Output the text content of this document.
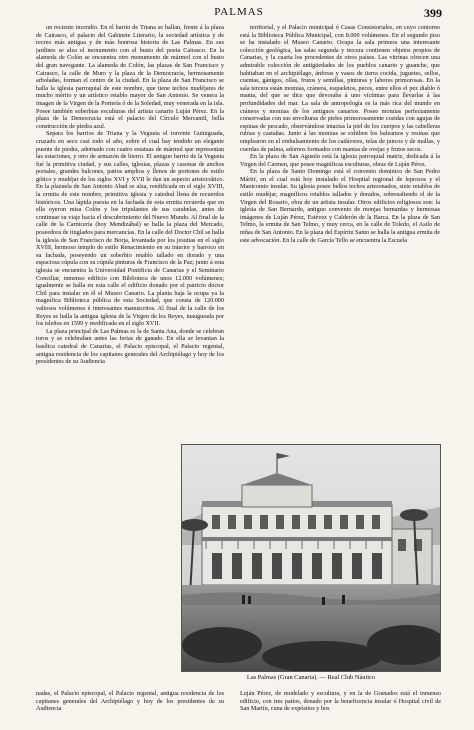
PALMAS	399

un reciente incendio. En el barrio de Triana se hallan, frente á la plaza de Cairasco, el palacio del Gabinete Literario, la sociedad artística y de recreo más antigua y de más honrosa historia de Las Palmas. En sus jardines se alza el monumento con el busto del poeta Cairasco. En la alameda de Colón se encuentra otro monumento de mármol con el busto del gran navegante. La alameda de Colón, las plazas de San Francisco y Cairasco, la calle de Muro y la plaza de la Democracia, hermosamente arboladas, forman el centro de la ciudad. En la plaza de San Francisco se halla la iglesia parroquial de este nombre, que tiene techos mudéjares de mucho mérito y un artístico retablo mayor de San Antonio. Se venera la imagen de la Virgen de la Portería ó de la Soledad, muy venerada en la isla. Posee también soberbias esculturas del artista canario Luján Pérez. En la plaza de la Democracia está el palacio del Círculo Mercantil, bella construcción de piedra azul.

Separa los barrios de Triana y la Vegueta el torrente Guiniguada, cruzado en seco casi todo el año, sobre el cual hay tendido un elegante puente de piedra, adornado con cuatro estatuas de mármol que representan las estaciones, y otro de armazón de hierro. El antiguo barrio de la Vegueta fué la primitiva ciudad, y sus calles, iglesias, plazas y casonas de anchos portales, grandes balcones, patios amplios y llenos de portones de estilo gótico y mudéjar de los siglos XVI y XVII le dan un aspecto aristocrático. En la plazuela de San Antonio Abad se alza, reedificada en el siglo XVIII, la ermita de este nombre, primitiva iglesia y catedral llena de recuerdos históricos. Una lápida puesta en la fachada de esta ermita recuerda que en ella oyeron misa Colón y los tripulantes de sus carabelas, antes de continuar su viaje hacia el descubrimiento del Nuevo Mundo. Al final de la calle de la Carnicería (hoy Mendizábal) se halla la plaza del Mercado, poseedora de tinglados para mercancías. En la calle del Doctor Chil se halla la iglesia de San Francisco de Borja, levantada por los jesuitas en el siglo XVIII, hermoso templo de estilo Renacimiento en su interior y barroco en su fachada, poseyendo un soberbio retablo tallado en dorado y una espaciosa cúpula con su cúpula pinturas de Francisco de la Paz; junto á esta iglesia se encuentra la Universidad Pontificia de Canarias y el Seminario Conciliar, inmenso edificio con Biblioteca de unos 12.000 volúmenes; igualmente se halla en esta calle el edificio donado por el patricio doctor Chil para instalar en él el Museo Canario. La planta baja la ocupa ya la magnífica Biblioteca pública de esta Sociedad, que consta de 120.000 valiosos volúmenes é interesantes manuscritos. Al final de la calle de los Reyes se halla la antigua iglesia de la Virgen de los Reyes, inaugurada por los isleños en 1599 y reedificada en el siglo XVII.

La plaza principal de Las Palmas es la de Santa Ana, donde se celebran toros y se celebraban antes las ferias de ganado. En ella se levantan la basílica catedral de Canarias, el Palacio episcopal, el Palacio regental, antigua residencia de los capitanes generales del Archipiélago y hoy de los presidentes de su Audiencia

territorial, y el Palacio municipal ó Casas Consistoriales, en cuyo contorno está la Biblioteca Pública Municipal, con 8.000 volúmenes. En el segundo piso se ha instalado el Museo Canario. Ocupa la sala primera una interesante colección geológica, las salas segunda y tercera contienen objetos propios de Canarias, y la cuarta los procedentes de otros países. Las vitrinas ofrecen una admirable colección de antigüedades de los pueblos canario y guanche, que habitaban en el archipiélago, ánforas y vasos de tierra cocida, juguetes, sellos, cuentas, gánigos, ollas, frutos y semillas, pinturas y labores primorosas. En la sala tercera están momias, cráneos, esqueletos, peces, entre ellos el pez diablo ó manta, del que se dice que devoraba á uno víctimas para llevarlas á las profundidades del mar. La sala de antropología es la más rica del mundo en cráneos y momias de los antiguos canarios. Posee momias perfectamente conservadas con sus envolturas de pieles primorosamente cosidas con agujas de espinas de pescado, observándose intactas la piel de los cuerpos y las cabelleras rubias y castañas. Junto á las momias se exhiben los baleamos y resinas que emplearon en el embalsamiento de los cadáveres, telas de juncos y de mallas, y cuerdas de palma, adornos formados con mantas de ovejas y frutos secos.

En la plaza de San Agustín está la iglesia parroquial matriz, dedicada á la Virgen del Carmen, que posee magníficas esculturas, obras de Luján Pérez.

En la plaza de Santo Domingo está el convento dominico de San Pedro Mártir, en el cual está hoy instalado el Hospital regional de leprosos y el Manicomio insular. Su iglesia posee bellos techos artesonados, siete retablos de estilo mudéjar, magníficos retablos tallados y dorados, sobresaliendo el de la Virgen del Rosario, obra de un artista insular. Otros edificios religiosos son: la iglesia de San Bernardo, antiguo convento de monjas bernardas y hermosas imágenes de Luján Pérez, Estévez y Calderón de la Barca. En la plaza de San Telmo, la ermita de San Telmo, y muy cerca, en la calle de Toledo, el Asilo de niñas de San Antonio. En la plaza del Espíritu Santo se halla la antigua ermita de este advocación. En la calle de García Tello se encuentra la Escuela

Las Palmas (Gran Canaria). — Real Club Náutico
nadas, el Palacio episcopal, el Palacio regental, antigua residencia de los capitanes generales del Archipiélago y hoy de los presidentes de su Audiencia
Luján Pérez, de modelado y escultura, y en la de Granados está el inmenso edificio, con tres patios, donado por la beneficencia insular ó Hospital civil de San Martín, cuna de expósitos y hos
